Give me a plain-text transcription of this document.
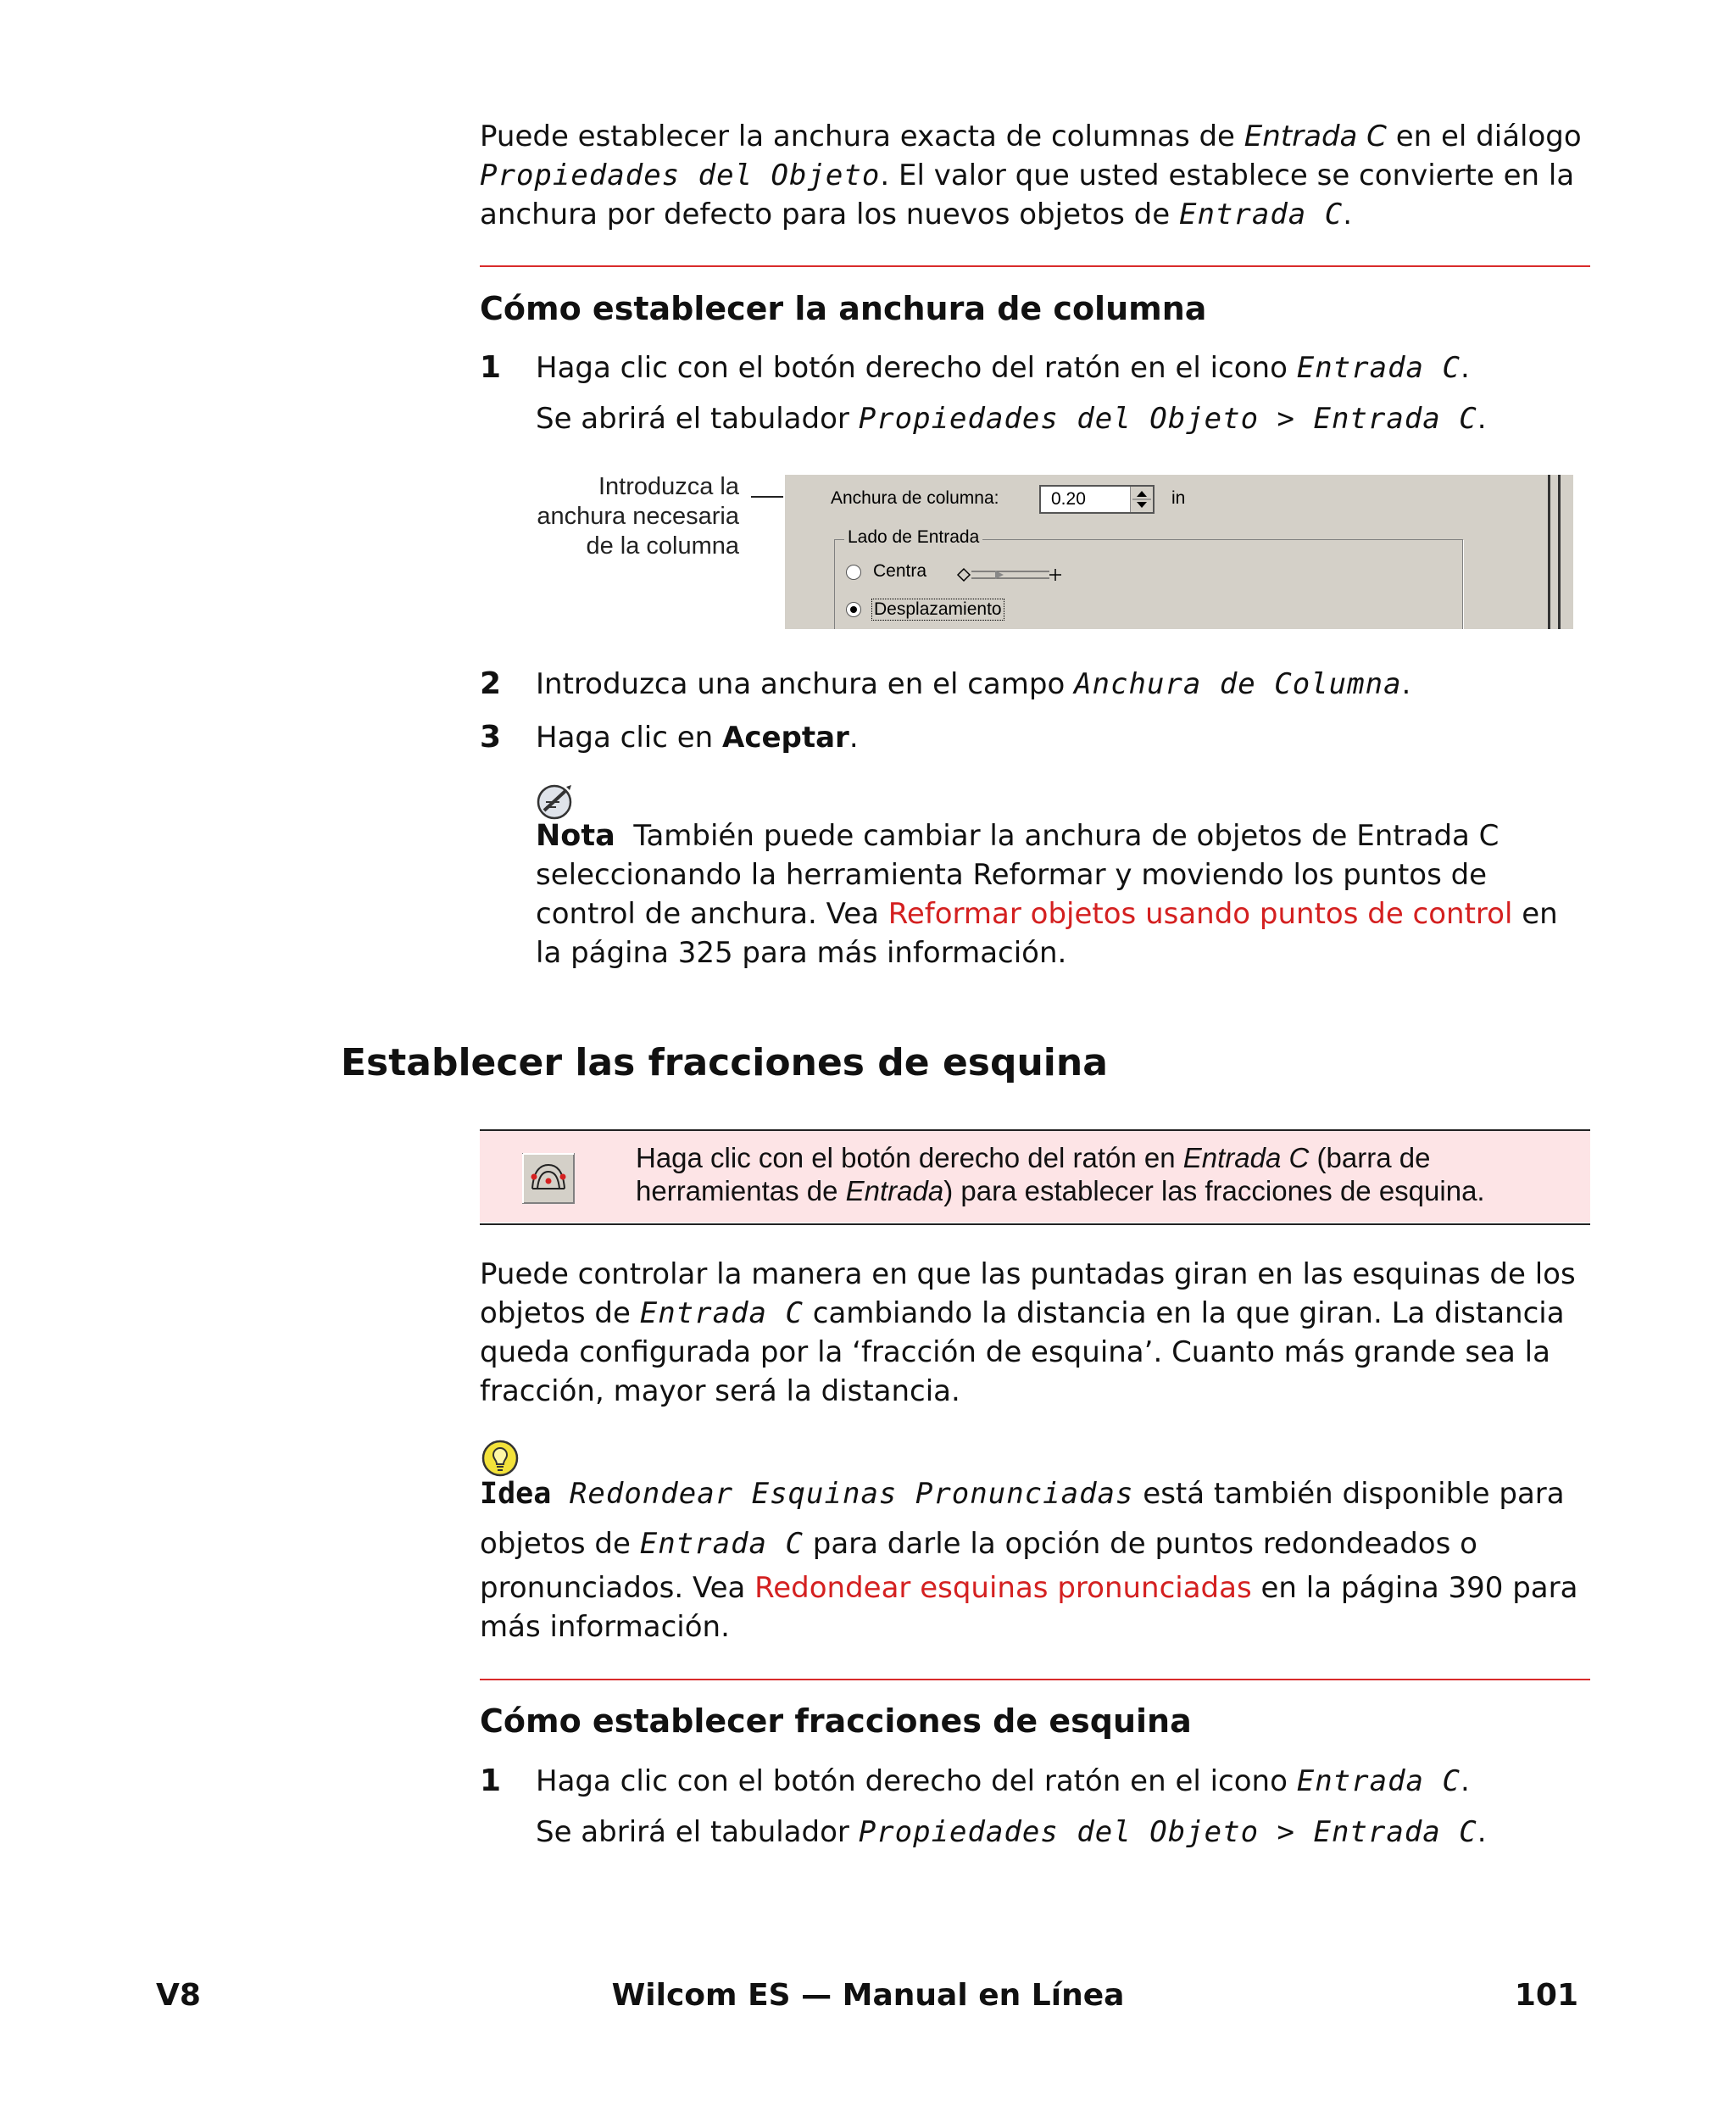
Puede establecer la anchura exacta de columnas de Entrada C en el diálogo
Propiedades del Objeto. El valor que usted establece se convierte en la
anchura por defecto para los nuevos objetos de Entrada C.
Cómo establecer la anchura de columna
1 Haga clic con el botón derecho del ratón en el icono Entrada C.
Se abrirá el tabulador Propiedades del Objeto > Entrada C.
Introduzca la
anchura necesaria
de la columna
Anchura de columna:	0.20	in
Lado de Entrada
Centra
Desplazamiento
2 Introduzca una anchura en el campo Anchura de Columna.
3 Haga clic en Aceptar.
Nota También puede cambiar la anchura de objetos de Entrada C
seleccionando la herramienta Reformar y moviendo los puntos de
control de anchura. Vea Reformar objetos usando puntos de control en
la página 325 para más información.
Establecer las fracciones de esquina
Haga clic con el botón derecho del ratón en Entrada C (barra de
herramientas de Entrada) para establecer las fracciones de esquina.
Puede controlar la manera en que las puntadas giran en las esquinas de los
objetos de Entrada C cambiando la distancia en la que giran. La distancia
queda configurada por la ‘fracción de esquina’. Cuanto más grande sea la
fracción, mayor será la distancia.
Idea Redondear Esquinas Pronunciadas está también disponible para
objetos de Entrada C para darle la opción de puntos redondeados o
pronunciados. Vea Redondear esquinas pronunciadas en la página 390 para
más información.
Cómo establecer fracciones de esquina
1 Haga clic con el botón derecho del ratón en el icono Entrada C.
Se abrirá el tabulador Propiedades del Objeto > Entrada C.
V8	Wilcom ES — Manual en Línea	101
